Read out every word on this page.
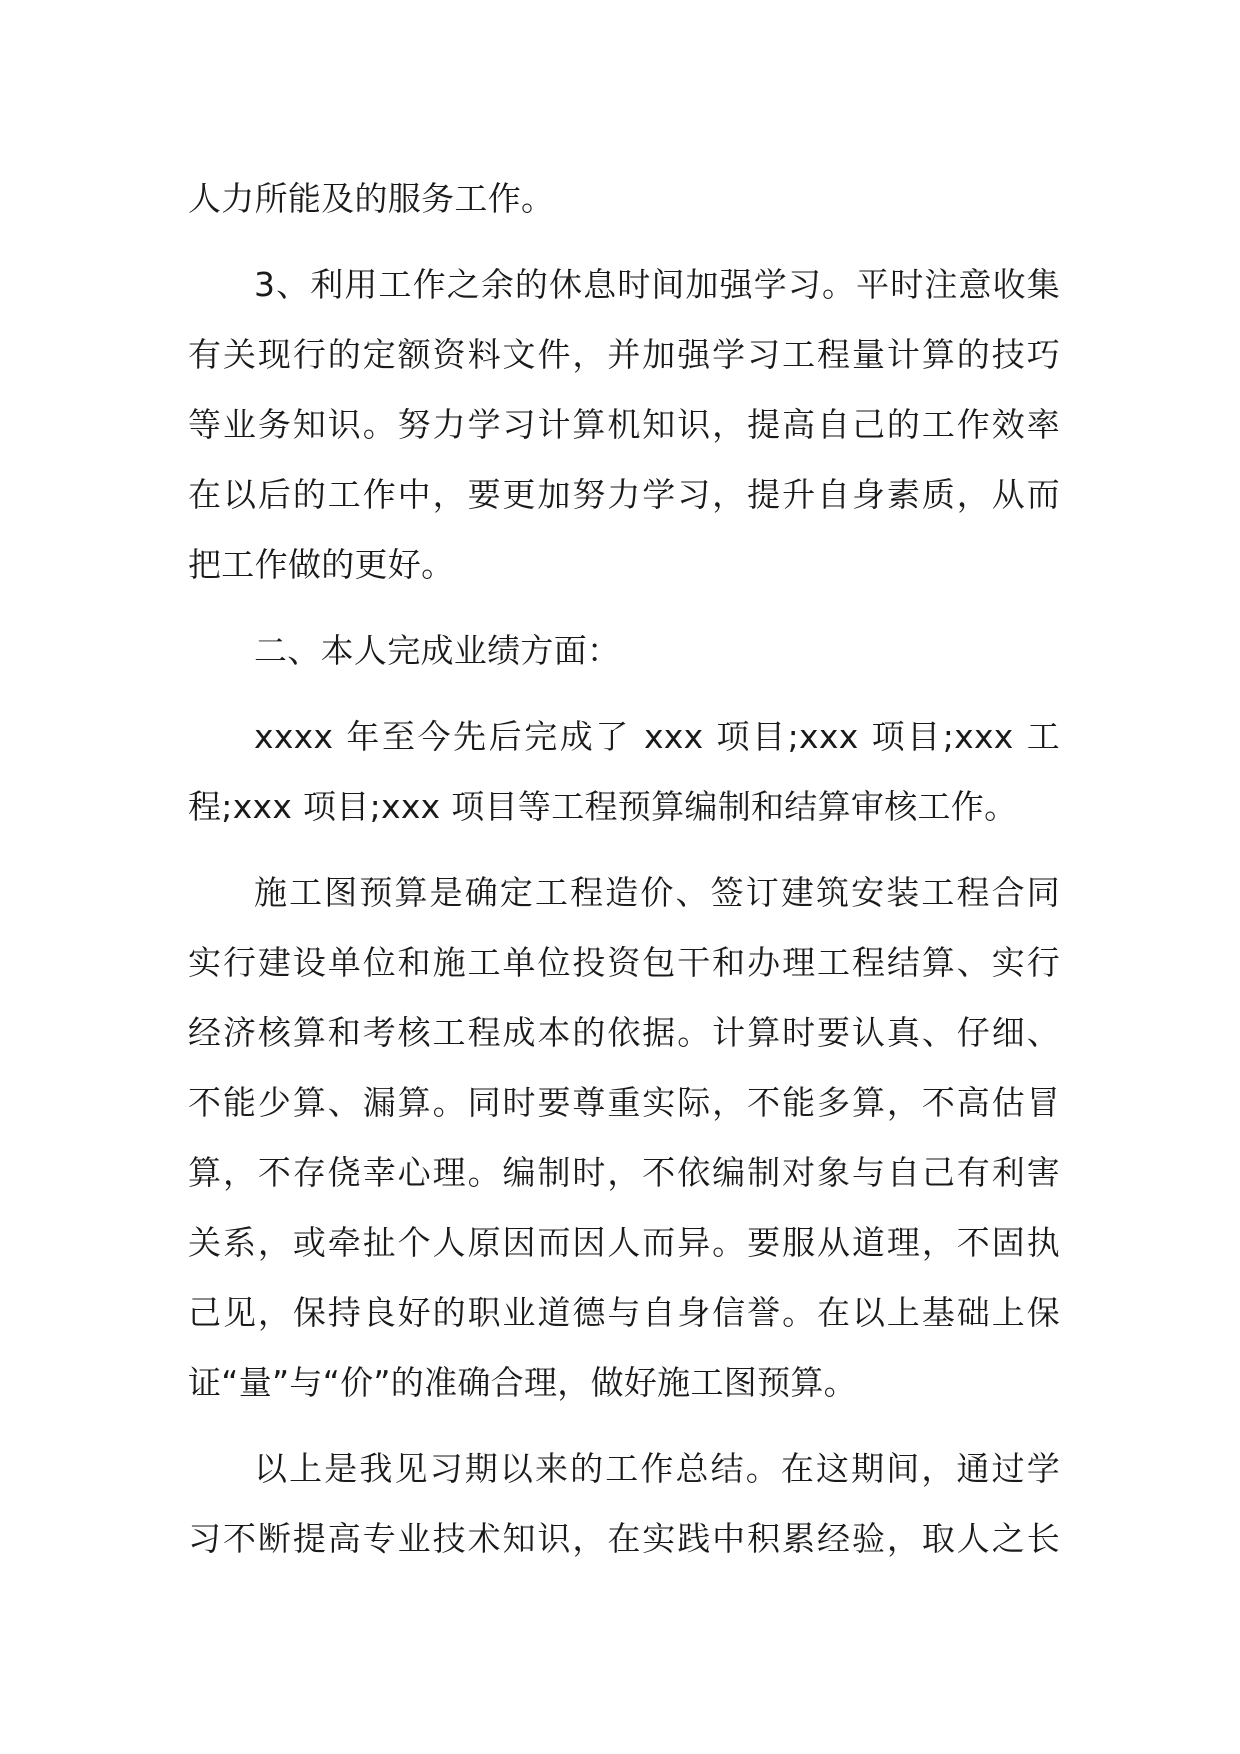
人力所能及的服务工作。
3、利用工作之余的休息时间加强学习。平时注意收集
有关现行的定额资料文件，并加强学习工程量计算的技巧
等业务知识。努力学习计算机知识，提高自己的工作效率
在以后的工作中，要更加努力学习，提升自身素质，从而
把工作做的更好。
二、本人完成业绩方面：
xxxx 年至今先后完成了 xxx 项目;xxx 项目;xxx 工
程;xxx 项目;xxx 项目等工程预算编制和结算审核工作。
施工图预算是确定工程造价、签订建筑安装工程合同
实行建设单位和施工单位投资包干和办理工程结算、实行
经济核算和考核工程成本的依据。计算时要认真、仔细、
不能少算、漏算。同时要尊重实际，不能多算，不高估冒
算，不存侥幸心理。编制时，不依编制对象与自己有利害
关系，或牵扯个人原因而因人而异。要服从道理，不固执
己见，保持良好的职业道德与自身信誉。在以上基础上保
证“量”与“价”的准确合理，做好施工图预算。
以上是我见习期以来的工作总结。在这期间，通过学
习不断提高专业技术知识，在实践中积累经验，取人之长
